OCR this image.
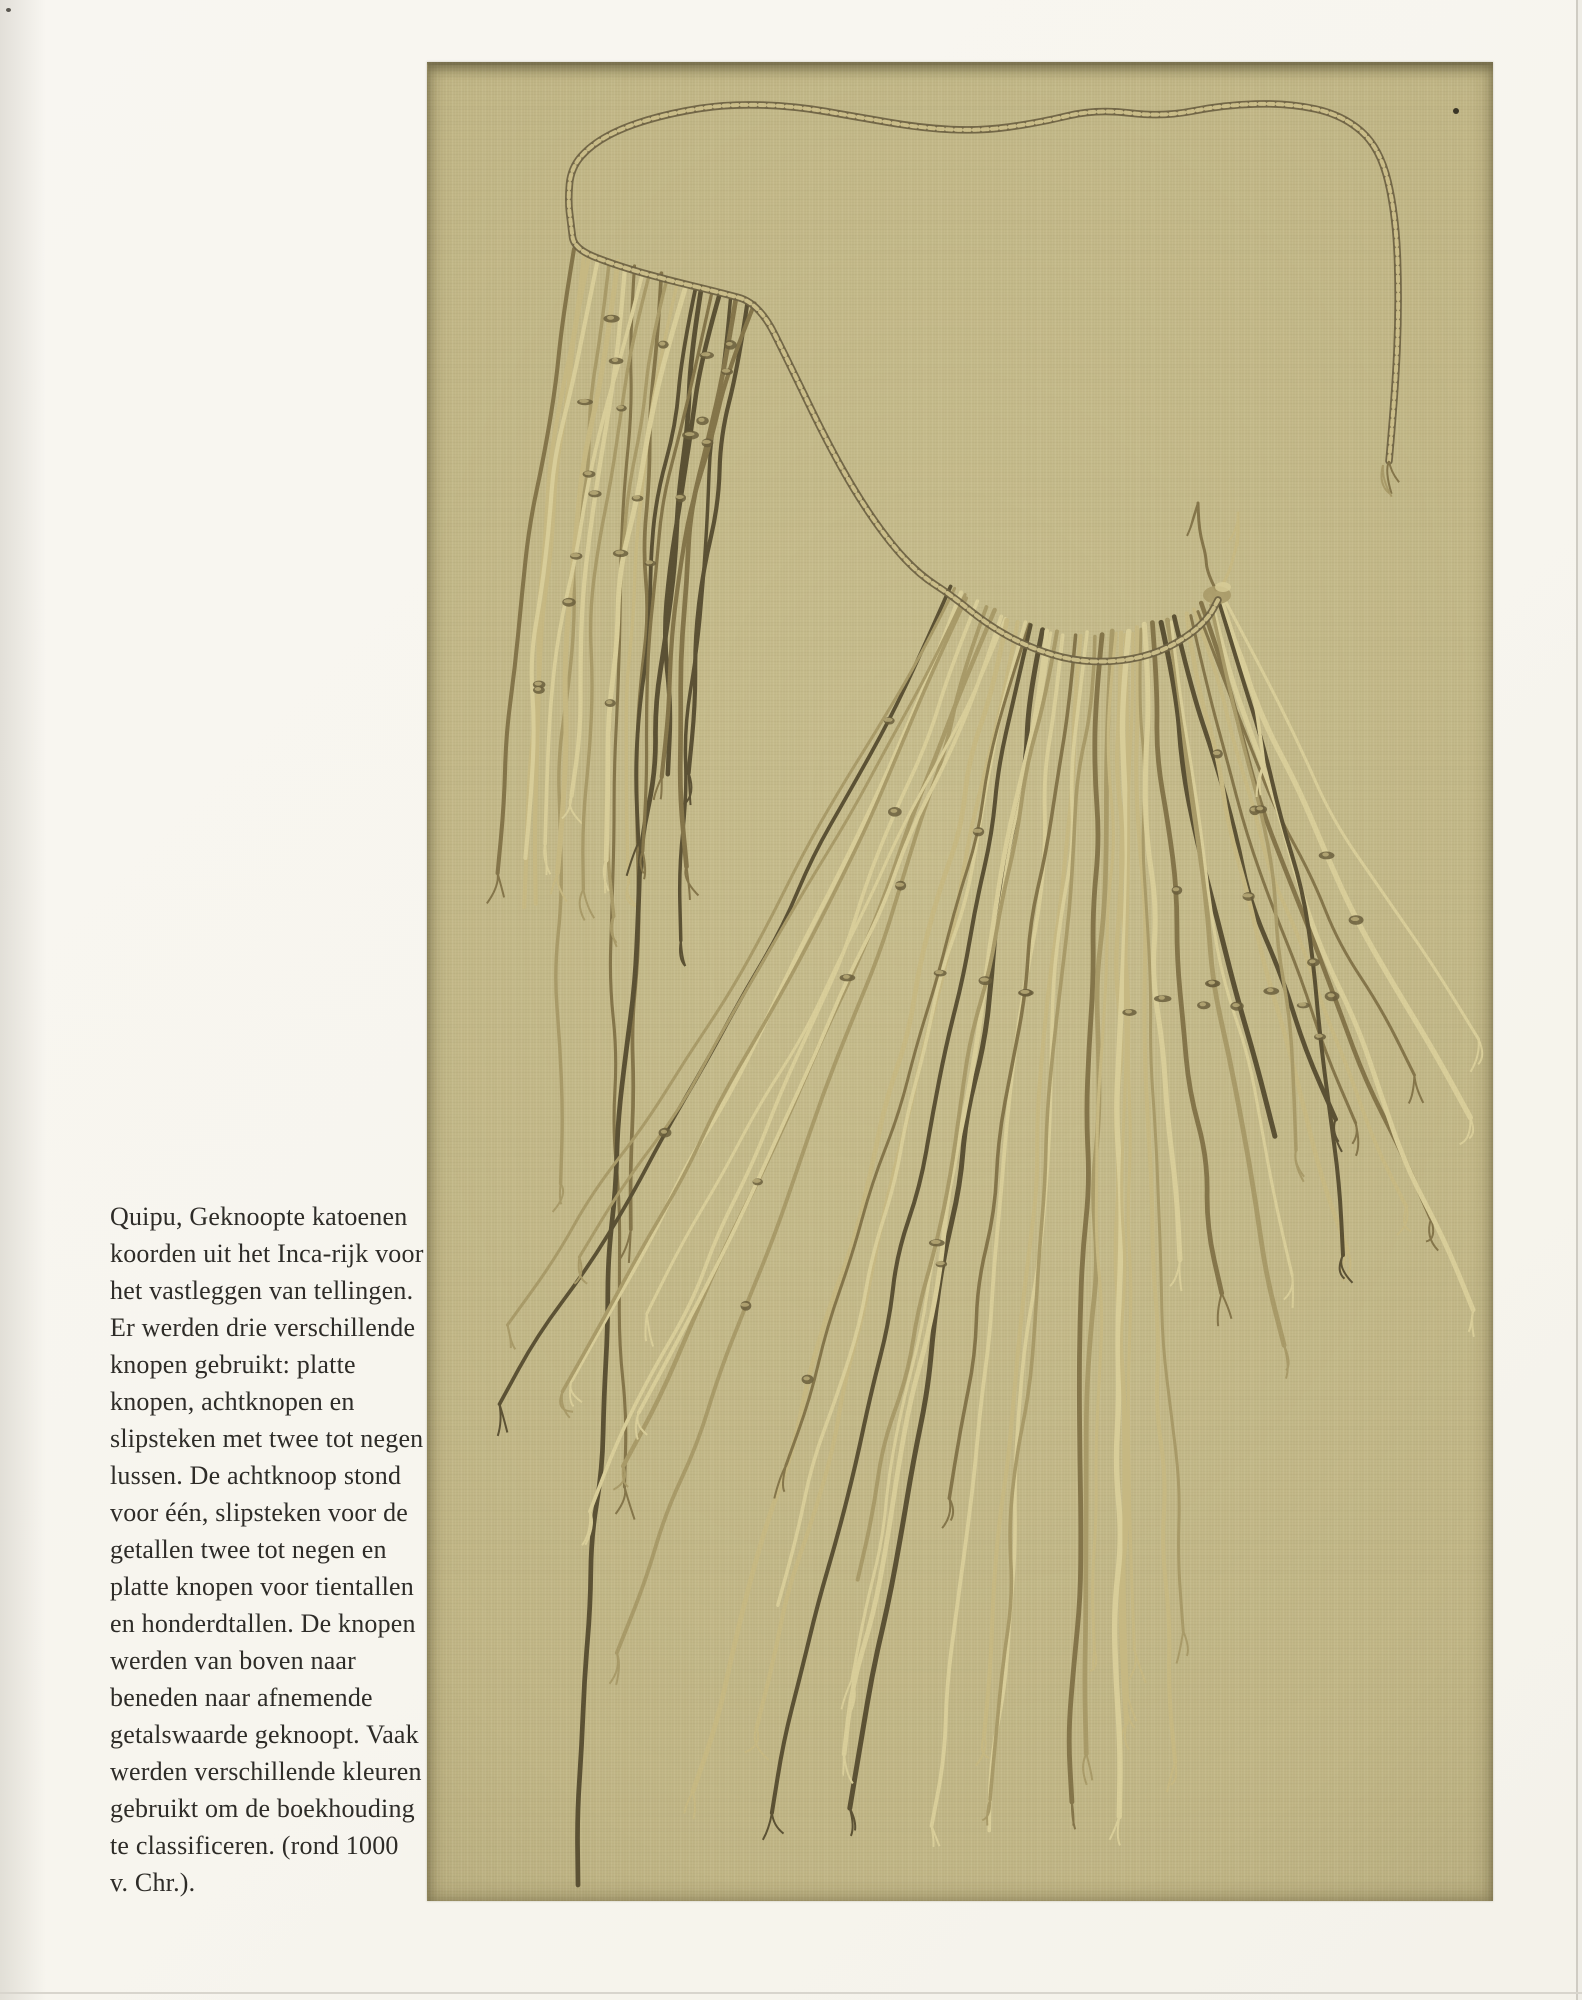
Quipu, Geknoopte katoenen
koorden uit het Inca-rijk voor
het vastleggen van tellingen.
Er werden drie verschillende
knopen gebruikt: platte
knopen, achtknopen en
slipsteken met twee tot negen
lussen. De achtknoop stond
voor één, slipsteken voor de
getallen twee tot negen en
platte knopen voor tientallen
en honderdtallen. De knopen
werden van boven naar
beneden naar afnemende
getalswaarde geknoopt. Vaak
werden verschillende kleuren
gebruikt om de boekhouding
te classificeren. (rond 1000
v. Chr.).
